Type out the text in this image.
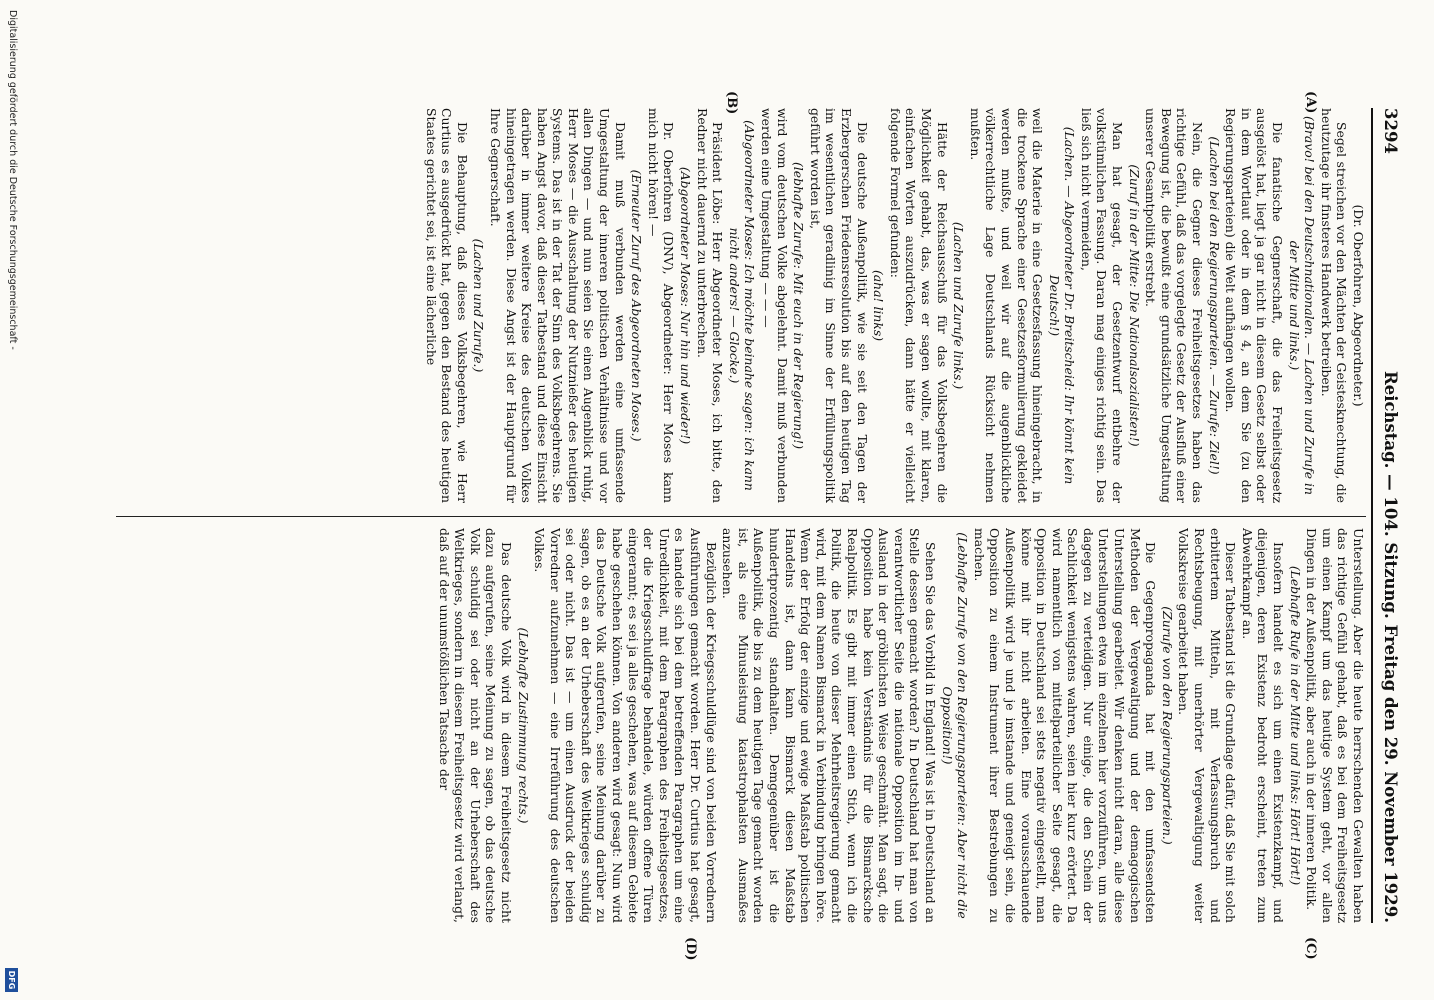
3294
Reichstag. — 104. Sitzung. Freitag den 29. November 1929.
(A)
(B)
(C)
(D)

(Dr. Oberfohren, Abgeordneter.)

Segel streichen vor den Mächten der Geistesknechtung, die heutzutage ihr finsteres Handwerk betreiben.

(Bravo! bei den Deutschnationalen. — Lachen und Zurufe in der Mitte und links.)

Die fanatische Gegnerschaft, die das Freiheitsgesetz ausgelöst hat, liegt ja gar nicht in diesem Gesetz selbst oder in dem Wortlaut oder in dem § 4, an dem Sie (zu den Regierungsparteien) die Welt aufhängen wollen.

(Lachen bei den Regierungsparteien. — Zurufe: Ziel!)

Nein, die Gegner dieses Freiheitsgesetzes haben das richtige Gefühl, daß das vorgelegte Gesetz der Ausfluß einer Bewegung ist, die bewußt eine grundsätzliche Umgestaltung unserer Gesamtpolitik erstrebt.

(Zuruf in der Mitte: Die Nationalsozialisten!)

Man hat gesagt, der Gesetzentwurf entbehre der volkstümlichen Fassung. Daran mag einiges richtig sein. Das ließ sich nicht vermeiden,

(Lachen. — Abgeordneter Dr. Breitscheid: Ihr könnt kein Deutsch!)

weil die Materie in eine Gesetzesfassung hineingebracht, in die trockene Sprache einer Gesetzesformulierung gekleidet werden mußte, und weil wir auf die augenblickliche völkerrechtliche Lage Deutschlands Rücksicht nehmen mußten.

(Lachen und Zurufe links.)

Hätte der Reichsausschuß für das Volksbegehren die Möglichkeit gehabt, das, was er sagen wollte, mit klaren, einfachen Worten auszudrücken, dann hätte er vielleicht folgende Formel gefunden:

(aha! links)

Die deutsche Außenpolitik, wie sie seit den Tagen der Erzbergerschen Friedensresolution bis auf den heutigen Tag im wesentlichen geradlinig im Sinne der Erfüllungspolitik geführt worden ist,

(lebhafte Zurufe: Mit euch in der Regierung!)

wird vom deutschen Volke abgelehnt. Damit muß verbunden werden eine Umgestaltung — — —

(Abgeordneter Moses: Ich möchte beinahe sagen: ich kann nicht anders! — Glocke.)

Präsident Löbe: Herr Abgeordneter Moses, ich bitte, den Redner nicht dauernd zu unterbrechen.

(Abgeordneter Moses: Nur hin und wieder!)

Dr. Oberfohren (DNV), Abgeordneter: Herr Moses kann mich nicht hören! —

(Erneuter Zuruf des Abgeordneten Moses.)

Damit muß verbunden werden eine umfassende Umgestaltung der inneren politischen Verhältnisse und vor allen Dingen — und nun seien Sie einen Augenblick ruhig, Herr Moses — die Ausschaltung der Nutznießer des heutigen Systems. Das ist in der Tat der Sinn des Volksbegehrens. Sie haben Angst davor, daß dieser Tatbestand und diese Einsicht darüber in immer weitere Kreise des deutschen Volkes hineingetragen werden. Diese Angst ist der Hauptgrund für Ihre Gegnerschaft.

(Lachen und Zurufe.)

Die Behauptung, daß dieses Volksbegehren, wie Herr Curtius es ausgedrückt hat, gegen den Bestand des heutigen Staates gerichtet sei, ist eine lächerliche

Unterstellung. Aber die heute herrschenden Gewalten haben das richtige Gefühl gehabt, daß es bei dem Freiheitsgesetz um einen Kampf um das heutige System geht, vor allen Dingen in der Außenpolitik, aber auch in der inneren Politik.

(Lebhafte Rufe in der Mitte und links: Hört! Hört!)

Insofern handelt es sich um einen Existenzkampf, und diejenigen, deren Existenz bedroht erscheint, treten zum Abwehrkampf an.

Dieser Tatbestand ist die Grundlage dafür, daß Sie mit solch erbittertem Mitteln, mit Verfassungsbruch und Rechtsbeugung, mit unerhörter Vergewaltigung weiter Volkskreise gearbeitet haben.

(Zurufe von den Regierungsparteien.)

Die Gegenpropaganda hat mit den umfassendsten Methoden der Vergewaltigung und der demagogischen Unterstellung gearbeitet. Wir denken nicht daran, alle diese Unterstellungen etwa im einzelnen hier vorzuführen, um uns dagegen zu verteidigen. Nur einige, die den Schein der Sachlichkeit wenigstens wahren, seien hier kurz erörtert. Da wird namentlich von mittelparteilicher Seite gesagt, die Opposition in Deutschland sei stets negativ eingestellt, man könne mit ihr nicht arbeiten. Eine vorausschauende Außenpolitik wird je und je imstande und geneigt sein, die Opposition zu einem Instrument ihrer Bestrebungen zu machen.

(Lebhafte Zurufe von den Regierungsparteien: Aber nicht die Opposition!)

Sehen Sie das Vorbild in England! Was ist in Deutschland an Stelle dessen gemacht worden? In Deutschland hat man von verantwortlicher Seite die nationale Opposition im In- und Ausland in der gröblichsten Weise geschmäht. Man sagt, die Opposition habe kein Verständnis für die Bismarcksche Realpolitik. Es gibt mit immer einen Stich, wenn ich die Politik, die heute von dieser Mehrheitsregierung gemacht wird, mit dem Namen Bismarck in Verbindung bringen höre. Wenn der Erfolg der einzige und ewige Maßstab politischen Handelns ist, dann kann Bismarck diesen Maßstab hundertprozentig standhalten. Demgegenüber ist die Außenpolitik, die bis zu dem heutigen Tage gemacht worden ist, als eine Minusleistung katastrophalsten Ausmaßes anzusehen.

Bezüglich der Kriegsschuldlüge sind von beiden Vorrednern Ausführungen gemacht worden. Herr Dr. Curtius hat gesagt, es handele sich bei dem betreffenden Paragraphen um eine Unredlichkeit, mit dem Paragraphen des Freiheitsgesetzes, der die Kriegsschuldfrage behandele, würden offene Türen eingerannt; es sei ja alles geschehen, was auf diesem Gebiete habe geschehen können. Von anderen wird gesagt: Nun wird das Deutsche Volk aufgerufen, seine Meinung darüber zu sagen, ob es an der Urheberschaft des Weltkrieges schuldig sei oder nicht. Das ist — um einen Ausdruck der beiden Vorredner aufzunehmen — eine Irreführung des deutschen Volkes.

(Lebhafte Zustimmung rechts.)

Das deutsche Volk wird in diesem Freiheitsgesetz nicht dazu aufgerufen, seine Meinung zu sagen, ob das deutsche Volk schuldig sei oder nicht an der Urheberschaft des Weltkrieges, sondern in diesem Freiheitsgesetz wird verlangt, daß auf der unumstößlichen Tatsache der

Digitalisierung gefördert durch die Deutsche Forschungsgemeinschaft -
DFG
